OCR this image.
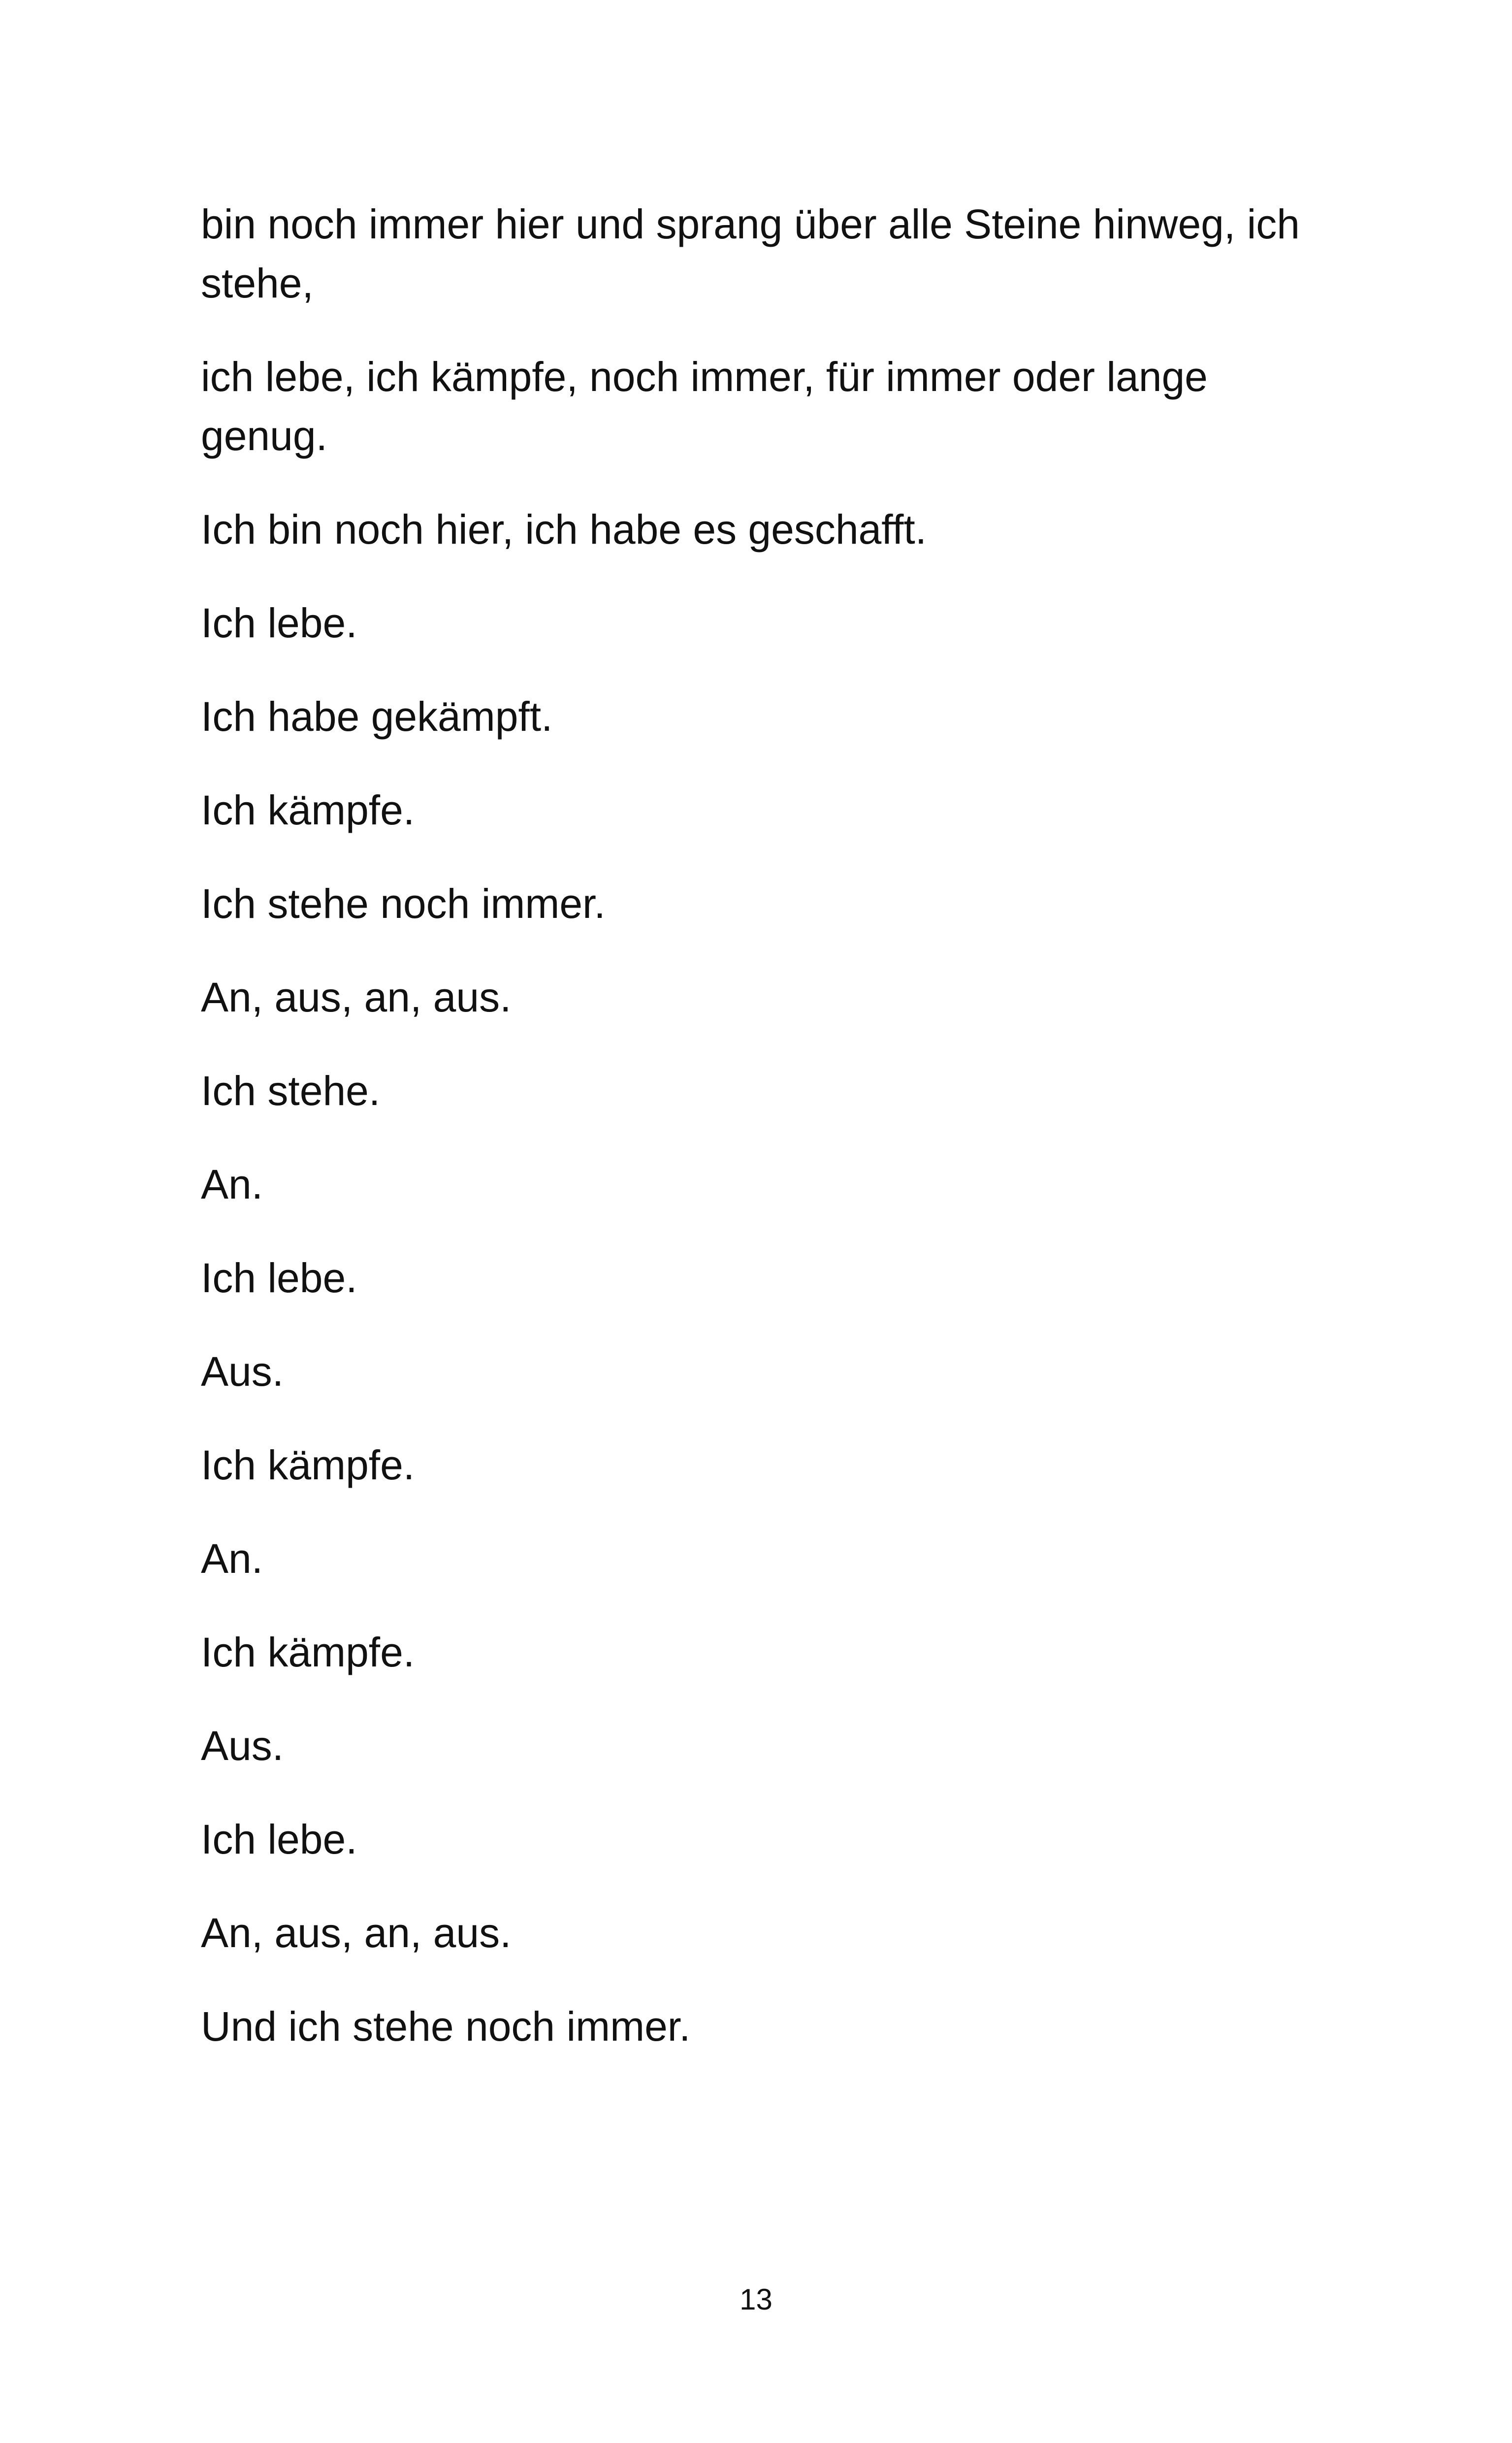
bin noch immer hier und sprang über alle Steine hinweg, ich stehe,

ich lebe, ich kämpfe, noch immer, für immer oder lange genug.

Ich bin noch hier, ich habe es geschafft.

Ich lebe.

Ich habe gekämpft.

Ich kämpfe.

Ich stehe noch immer.

An, aus, an, aus.

Ich stehe.

An.

Ich lebe.

Aus.

Ich kämpfe.

An.

Ich kämpfe.

Aus.

Ich lebe.

An, aus, an, aus.

Und ich stehe noch immer.

13
